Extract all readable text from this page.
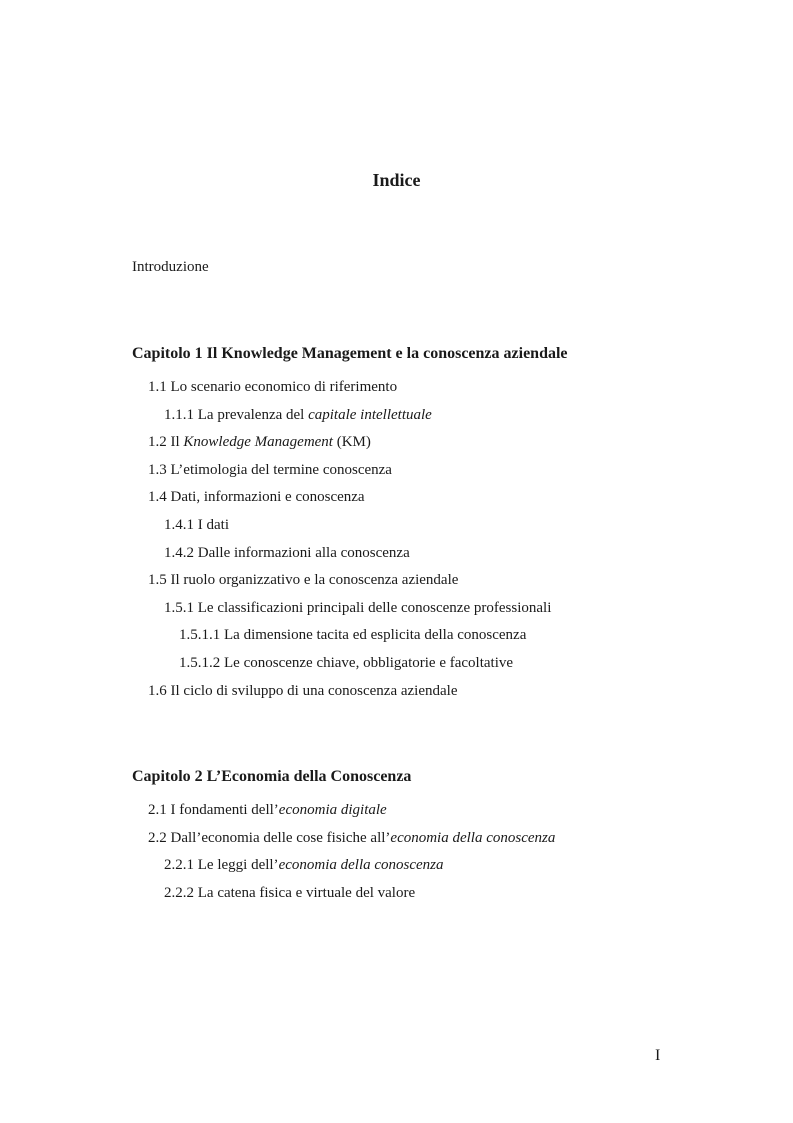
Indice
Introduzione
Capitolo 1 Il Knowledge Management e la conoscenza aziendale
1.1 Lo scenario economico di riferimento
1.1.1 La prevalenza del capitale intellettuale
1.2 Il Knowledge Management (KM)
1.3 L’etimologia del termine conoscenza
1.4 Dati, informazioni e conoscenza
1.4.1 I dati
1.4.2 Dalle informazioni alla conoscenza
1.5 Il ruolo organizzativo e la conoscenza aziendale
1.5.1 Le classificazioni principali delle conoscenze professionali
1.5.1.1 La dimensione tacita ed esplicita della conoscenza
1.5.1.2 Le conoscenze chiave, obbligatorie e facoltative
1.6 Il ciclo di sviluppo di una conoscenza aziendale
Capitolo 2 L’Economia della Conoscenza
2.1 I fondamenti dell’economia digitale
2.2 Dall’economia delle cose fisiche all’economia della conoscenza
2.2.1 Le leggi dell’economia della conoscenza
2.2.2 La catena fisica e virtuale del valore
I
